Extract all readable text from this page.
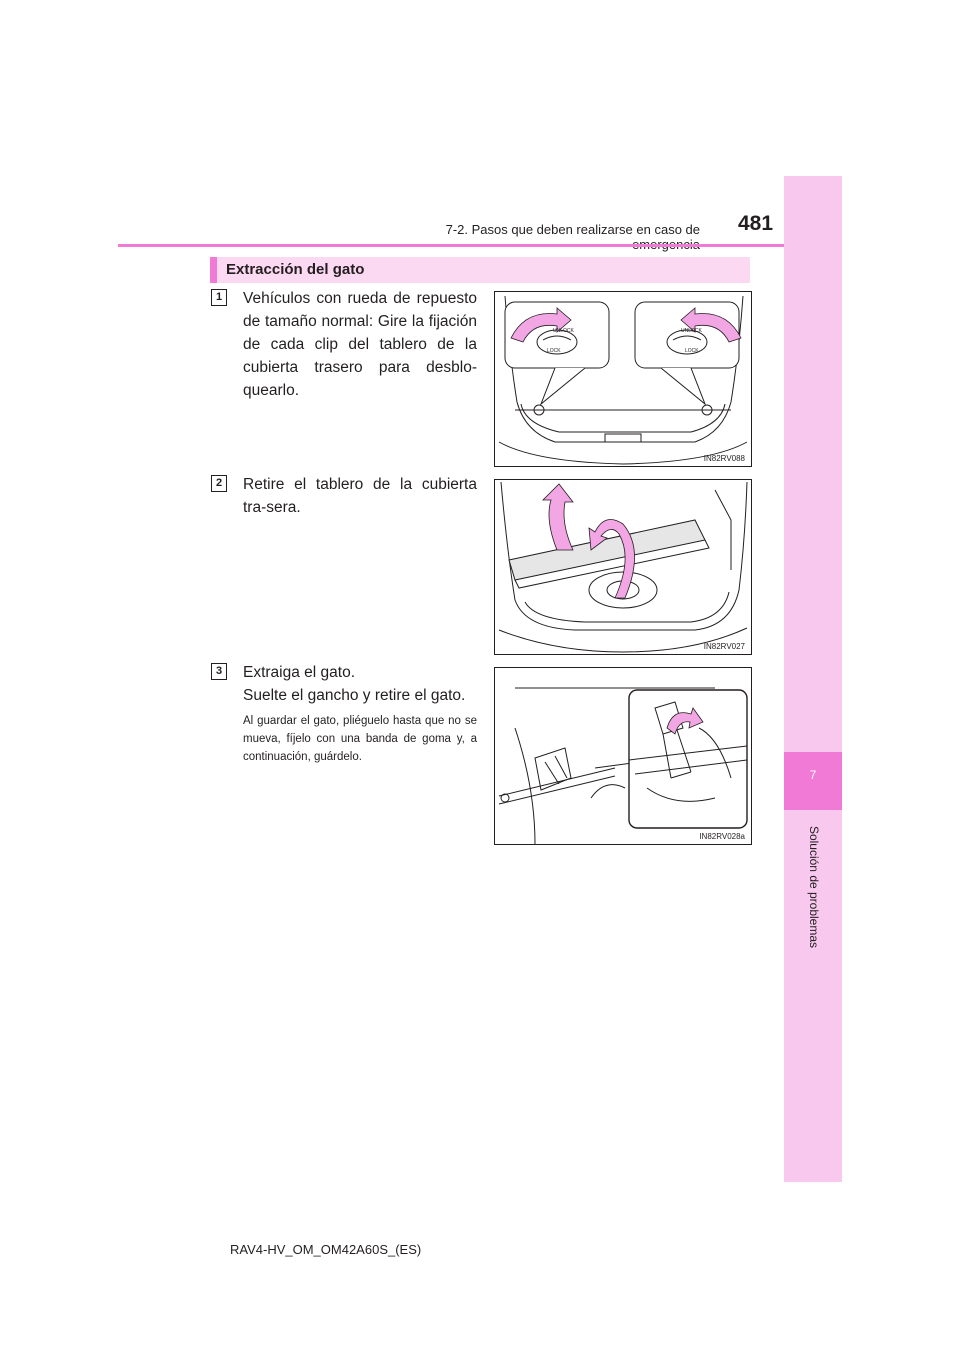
7-2. Pasos que deben realizarse en caso de 481
7
Solución de problemas
Extracción del gato
1	Vehículos con rueda de repuesto de tamaño normal: Gire la fijación de cada clip del tablero de la cubierta trasero para desblo-quearlo.
UNLOCK
LOCK
UNLOCK
LOCK
IN82RV088
2	Retire el tablero de la cubierta tra-sera.
IN82RV027
3	Extraiga el gato.
Suelte el gancho y retire el gato.
Al guardar el gato, pliéguelo hasta que no se mueva, fíjelo con una banda de goma y, a continuación, guárdelo.
IN82RV028a
RAV4-HV_OM_OM42A60S_(ES)
